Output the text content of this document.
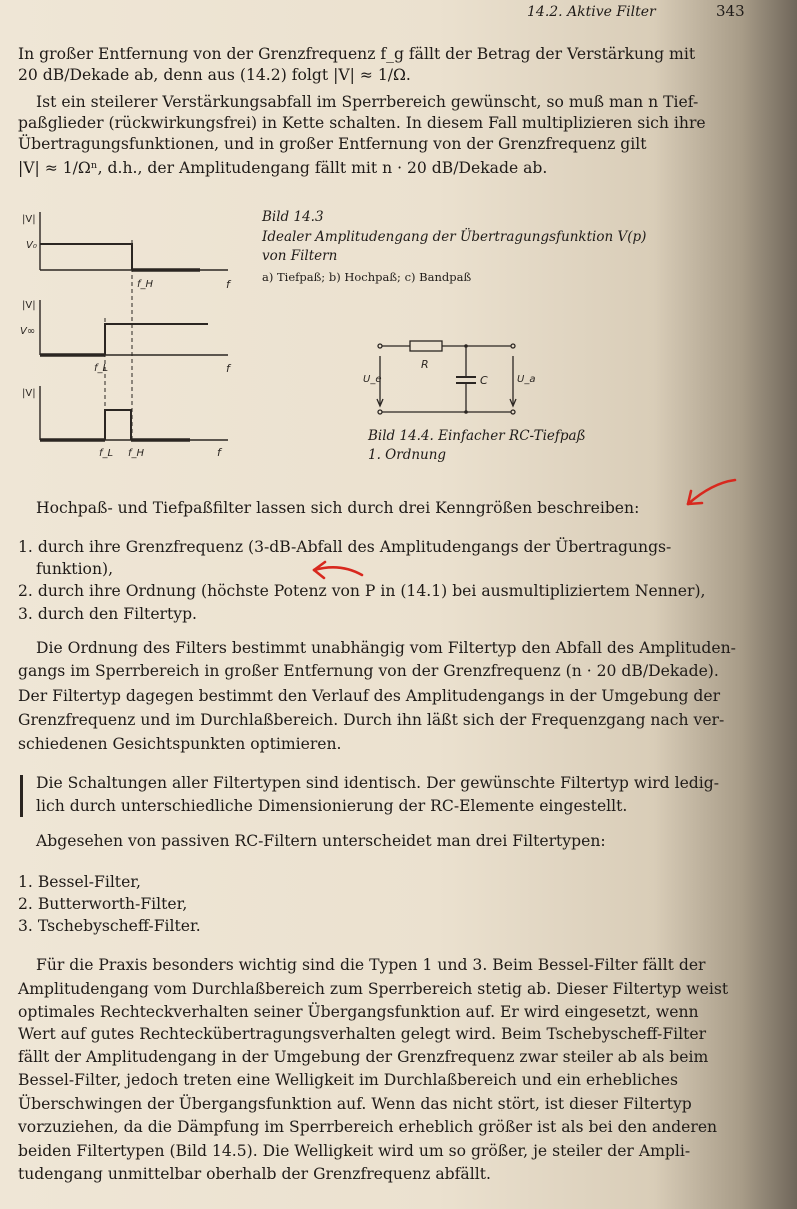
14.2. Aktive Filter	343
In großer Entfernung von der Grenzfrequenz f_g fällt der Betrag der Verstärkung mit
20 dB/Dekade ab, denn aus (14.2) folgt |V| ≈ 1/Ω.
Ist ein steilerer Verstärkungsabfall im Sperrbereich gewünscht, so muß man n Tief-
paßglieder (rückwirkungsfrei) in Kette schalten. In diesem Fall multiplizieren sich ihre
Übertragungsfunktionen, und in großer Entfernung von der Grenzfrequenz gilt
|V| ≈ 1/Ωⁿ, d.h., der Amplitudengang fällt mit n · 20 dB/Dekade ab.
|V|
V₀
f_H	f
|V|
V∞
f_L	f
|V|
f_L f_H	f
Bild 14.3
Idealer Amplitudengang der Übertragungsfunktion V(p)
von Filtern
a) Tiefpaß; b) Hochpaß; c) Bandpaß
R
C
U_e	U_a
Bild 14.4. Einfacher RC-Tiefpaß
1. Ordnung
Hochpaß- und Tiefpaßfilter lassen sich durch drei Kenngrößen beschreiben:
1. durch ihre Grenzfrequenz (3-dB-Abfall des Amplitudengangs der Übertragungs-
funktion),
2. durch ihre Ordnung (höchste Potenz von P in (14.1) bei ausmultipliziertem Nenner),
3. durch den Filtertyp.
Die Ordnung des Filters bestimmt unabhängig vom Filtertyp den Abfall des Amplituden-
gangs im Sperrbereich in großer Entfernung von der Grenzfrequenz (n · 20 dB/Dekade).
Der Filtertyp dagegen bestimmt den Verlauf des Amplitudengangs in der Umgebung der
Grenzfrequenz und im Durchlaßbereich. Durch ihn läßt sich der Frequenzgang nach ver-
schiedenen Gesichtspunkten optimieren.
Die Schaltungen aller Filtertypen sind identisch. Der gewünschte Filtertyp wird ledig-
lich durch unterschiedliche Dimensionierung der RC-Elemente eingestellt.
Abgesehen von passiven RC-Filtern unterscheidet man drei Filtertypen:
1. Bessel-Filter,
2. Butterworth-Filter,
3. Tschebyscheff-Filter.
Für die Praxis besonders wichtig sind die Typen 1 und 3. Beim Bessel-Filter fällt der
Amplitudengang vom Durchlaßbereich zum Sperrbereich stetig ab. Dieser Filtertyp weist
optimales Rechteckverhalten seiner Übergangsfunktion auf. Er wird eingesetzt, wenn
Wert auf gutes Rechteckübertragungsverhalten gelegt wird. Beim Tschebyscheff-Filter
fällt der Amplitudengang in der Umgebung der Grenzfrequenz zwar steiler ab als beim
Bessel-Filter, jedoch treten eine Welligkeit im Durchlaßbereich und ein erhebliches
Überschwingen der Übergangsfunktion auf. Wenn das nicht stört, ist dieser Filtertyp
vorzuziehen, da die Dämpfung im Sperrbereich erheblich größer ist als bei den anderen
beiden Filtertypen (Bild 14.5). Die Welligkeit wird um so größer, je steiler der Ampli-
tudengang unmittelbar oberhalb der Grenzfrequenz abfällt.
